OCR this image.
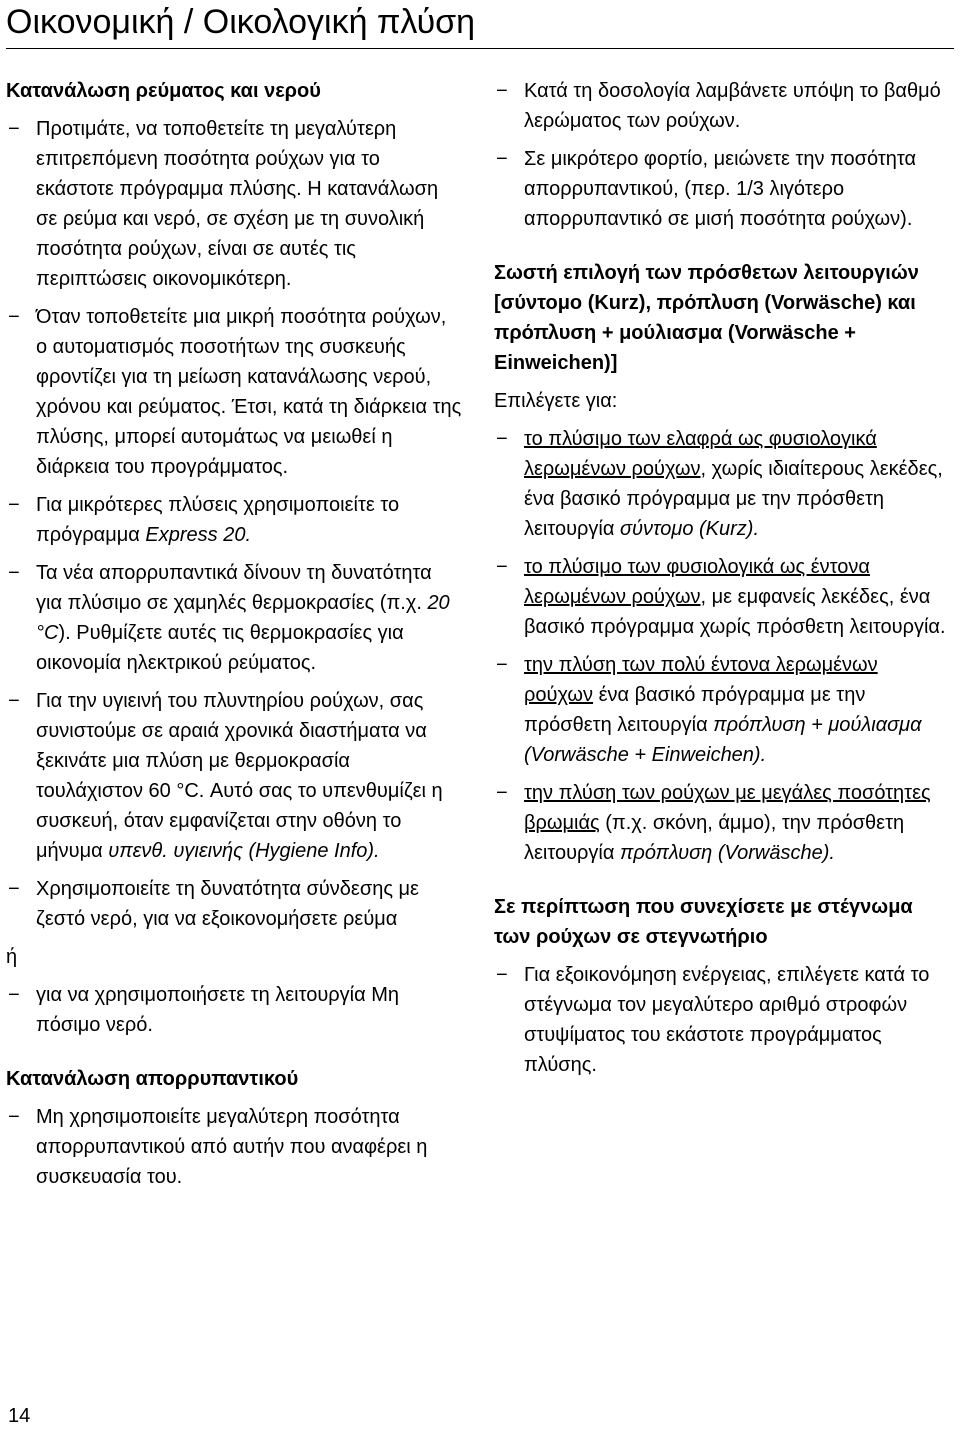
Οικονομική / Οικολογική πλύση
Κατανάλωση ρεύματος και νερού
− Προτιμάτε, να τοποθετείτε τη μεγαλύτερη επιτρεπόμενη ποσότητα ρούχων για το εκάστοτε πρόγραμμα πλύσης. Η κατανάλωση σε ρεύμα και νερό, σε σχέση με τη συνολική ποσότητα ρούχων, είναι σε αυτές τις περιπτώσεις οικονομικότερη.
− Όταν τοποθετείτε μια μικρή ποσότητα ρούχων, ο αυτοματισμός ποσοτήτων της συσκευής φροντίζει για τη μείωση κατανάλωσης νερού, χρόνου και ρεύματος. Έτσι, κατά τη διάρκεια της πλύσης, μπορεί αυτομάτως να μειωθεί η διάρκεια του προγράμματος.
− Για μικρότερες πλύσεις χρησιμοποιείτε το πρόγραμμα Express 20.
− Τα νέα απορρυπαντικά δίνουν τη δυνατότητα για πλύσιμο σε χαμηλές θερμοκρασίες (π.χ. 20 °C). Ρυθμίζετε αυτές τις θερμοκρασίες για οικονομία ηλεκτρικού ρεύματος.
− Για την υγιεινή του πλυντηρίου ρούχων, σας συνιστούμε σε αραιά χρονικά διαστήματα να ξεκινάτε μια πλύση με θερμοκρασία τουλάχιστον 60 °C. Αυτό σας το υπενθυμίζει η συσκευή, όταν εμφανίζεται στην οθόνη το μήνυμα υπενθ. υγιεινής (Hygiene Info).
− Χρησιμοποιείτε τη δυνατότητα σύνδεσης με ζεστό νερό, για να εξοικονομήσετε ρεύμα

ή

− για να χρησιμοποιήσετε τη λειτουργία Μη πόσιμο νερό.
Κατανάλωση απορρυπαντικού
− Μη χρησιμοποιείτε μεγαλύτερη ποσότητα απορρυπαντικού από αυτήν που αναφέρει η συσκευασία του.
− Κατά τη δοσολογία λαμβάνετε υπόψη το βαθμό λερώματος των ρούχων.
− Σε μικρότερο φορτίο, μειώνετε την ποσότητα απορρυπαντικού, (περ. 1/3 λιγότερο απορρυπαντικό σε μισή ποσότητα ρούχων).
Σωστή επιλογή των πρόσθετων λειτουργιών [σύντομο (Kurz), πρόπλυση (Vorwäsche) και πρόπλυση + μούλιασμα (Vorwäsche + Einweichen)]

Επιλέγετε για:

− το πλύσιμο των ελαφρά ως φυσιολογικά λερωμένων ρούχων, χωρίς ιδιαίτερους λεκέδες, ένα βασικό πρόγραμμα με την πρόσθετη λειτουργία σύντομο (Kurz).
− το πλύσιμο των φυσιολογικά ως έντονα λερωμένων ρούχων, με εμφανείς λεκέδες, ένα βασικό πρόγραμμα χωρίς πρόσθετη λειτουργία.
− την πλύση των πολύ έντονα λερωμένων ρούχων ένα βασικό πρόγραμμα με την πρόσθετη λειτουργία πρόπλυση + μούλιασμα (Vorwäsche + Einweichen).
− την πλύση των ρούχων με μεγάλες ποσότητες βρωμιάς (π.χ. σκόνη, άμμο), την πρόσθετη λειτουργία πρόπλυση (Vorwäsche).
Σε περίπτωση που συνεχίσετε με στέγνωμα των ρούχων σε στεγνωτήριο
− Για εξοικονόμηση ενέργειας, επιλέγετε κατά το στέγνωμα τον μεγαλύτερο αριθμό στροφών στυψίματος του εκάστοτε προγράμματος πλύσης.

14
